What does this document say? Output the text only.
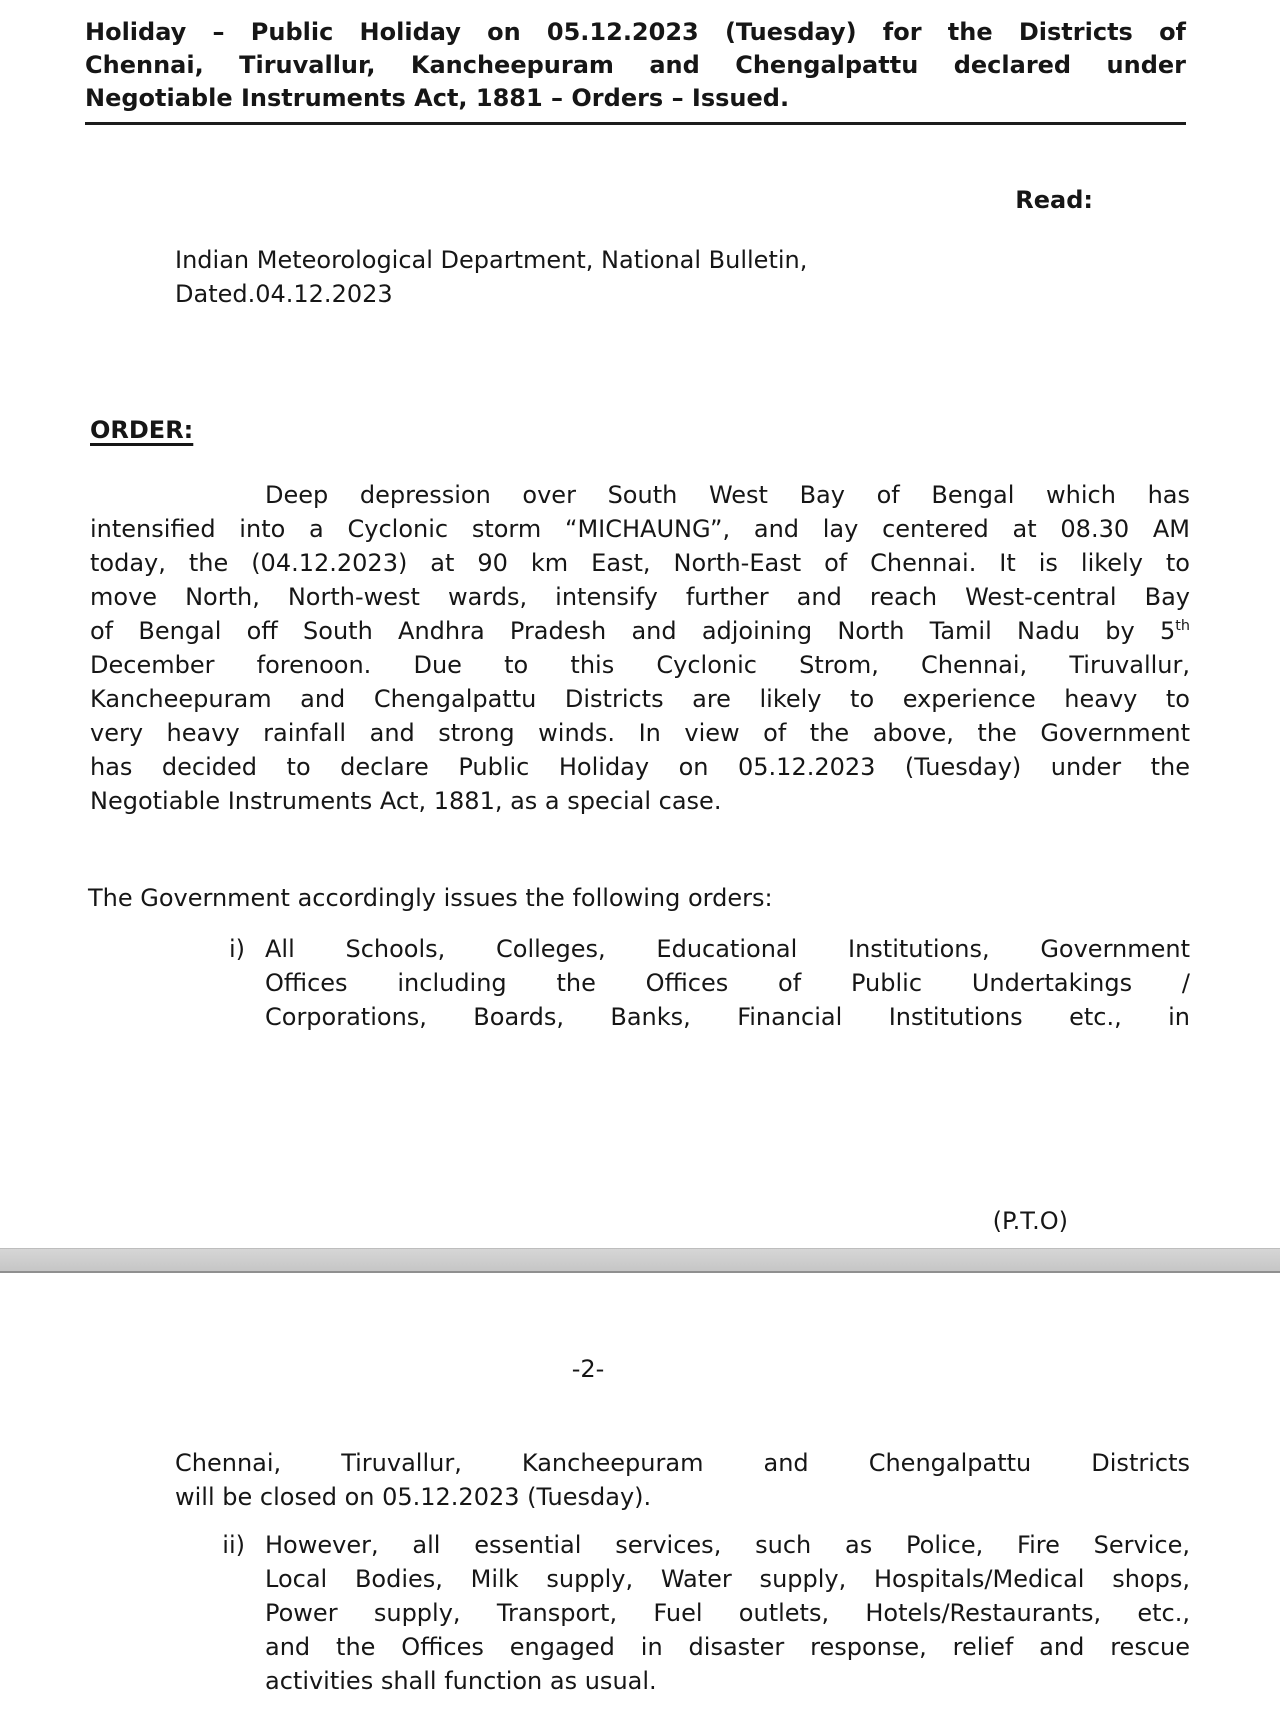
Holiday – Public Holiday on 05.12.2023 (Tuesday) for the Districts of
Chennai, Tiruvallur, Kancheepuram and Chengalpattu declared under
Negotiable Instruments Act, 1881 – Orders – Issued.
Read:
Indian Meteorological Department, National Bulletin,
Dated.04.12.2023
ORDER:
Deep depression over South West Bay of Bengal which has
intensified into a Cyclonic storm “MICHAUNG”, and lay centered at 08.30 AM
today, the (04.12.2023) at 90 km East, North-East of Chennai. It is likely to
move North, North-west wards, intensify further and reach West-central Bay
of Bengal off South Andhra Pradesh and adjoining North Tamil Nadu by 5th
December forenoon. Due to this Cyclonic Strom, Chennai, Tiruvallur,
Kancheepuram and Chengalpattu Districts are likely to experience heavy to
very heavy rainfall and strong winds. In view of the above, the Government
has decided to declare Public Holiday on 05.12.2023 (Tuesday) under the
Negotiable Instruments Act, 1881, as a special case.
The Government accordingly issues the following orders:
i) All Schools, Colleges, Educational Institutions, Government
Offices including the Offices of Public Undertakings /
Corporations, Boards, Banks, Financial Institutions etc., in
(P.T.O)
-2-
Chennai, Tiruvallur, Kancheepuram and Chengalpattu Districts
will be closed on 05.12.2023 (Tuesday).
ii) However, all essential services, such as Police, Fire Service,
Local Bodies, Milk supply, Water supply, Hospitals/Medical shops,
Power supply, Transport, Fuel outlets, Hotels/Restaurants, etc.,
and the Offices engaged in disaster response, relief and rescue
activities shall function as usual.
